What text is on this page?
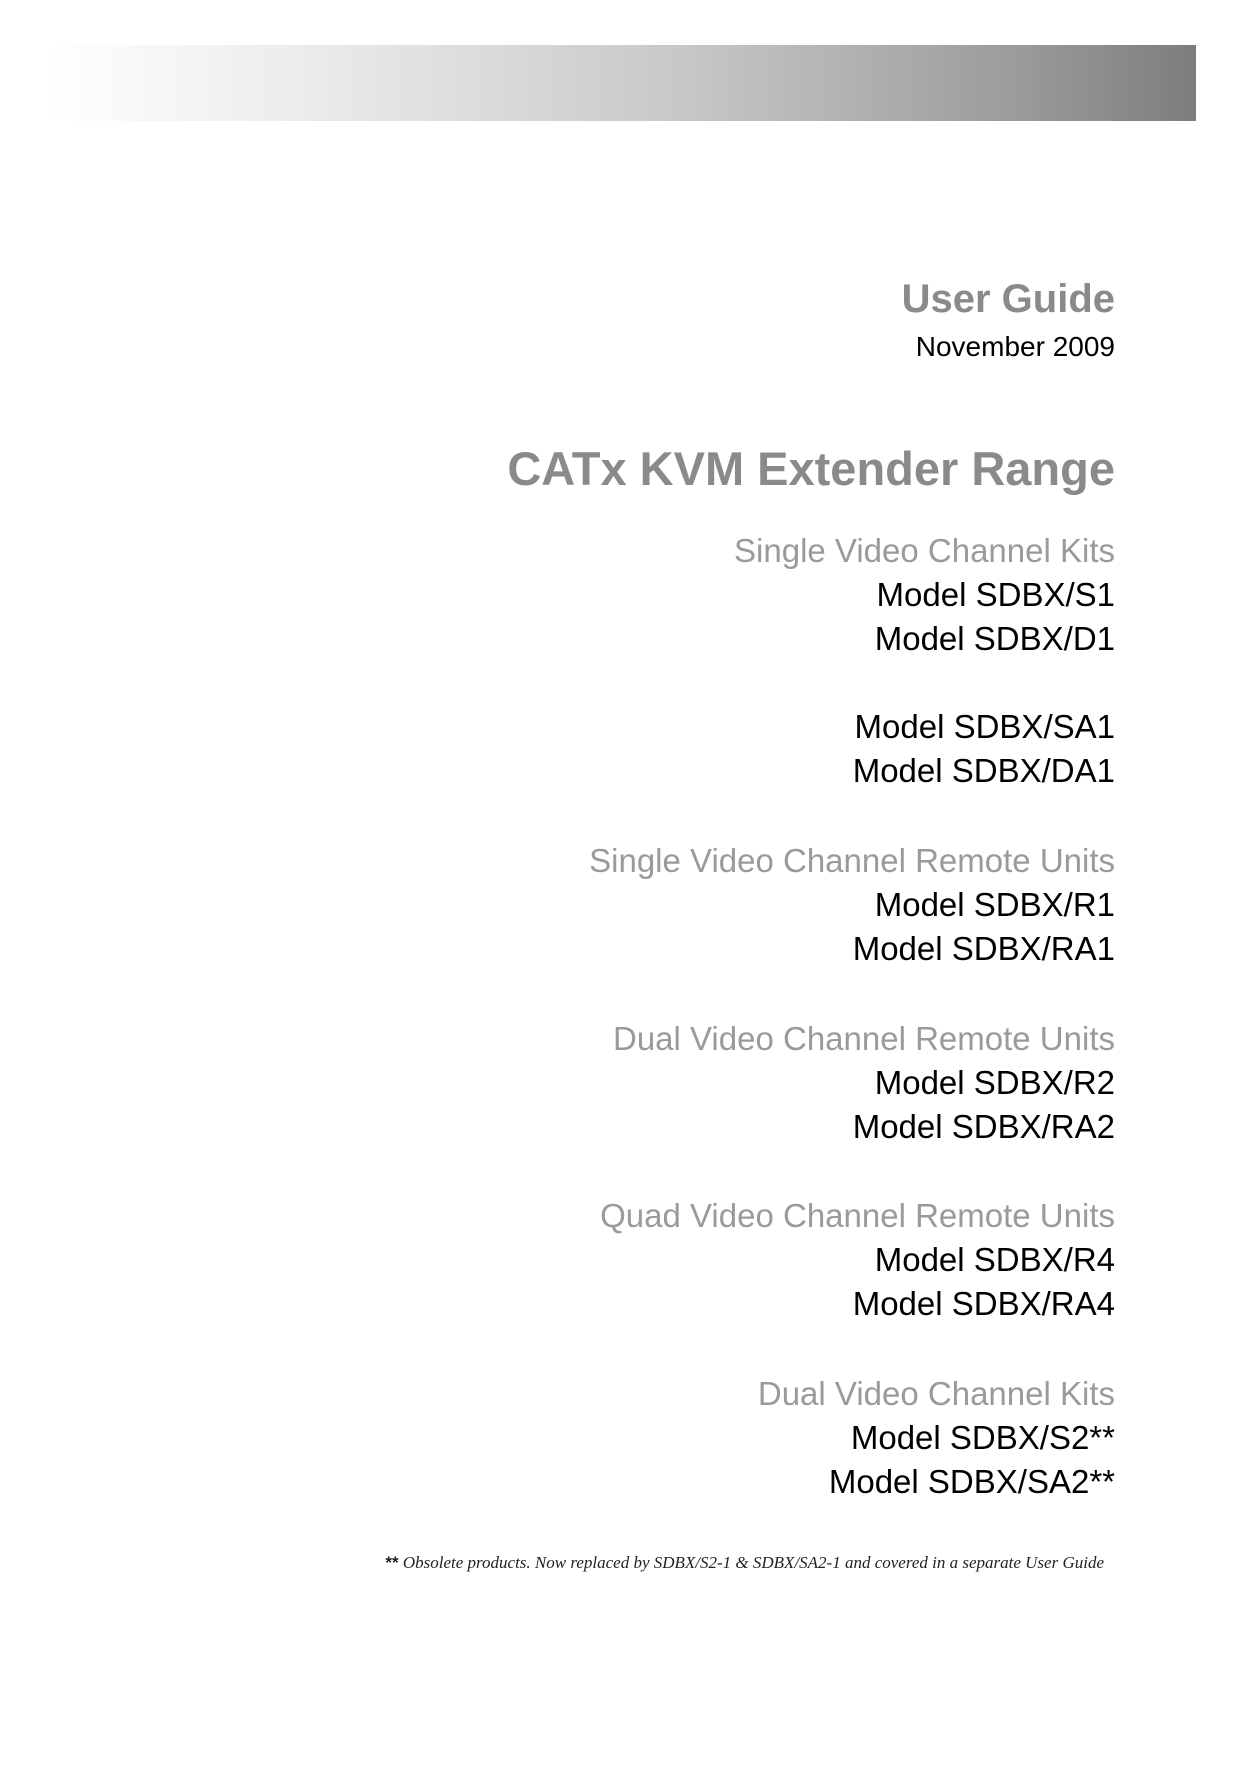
User Guide
November 2009
CATx KVM Extender Range
Single Video Channel Kits
Model SDBX/S1
Model SDBX/D1
Model SDBX/SA1
Model SDBX/DA1
Single Video Channel Remote Units
Model SDBX/R1
Model SDBX/RA1
Dual Video Channel Remote Units
Model SDBX/R2
Model SDBX/RA2
Quad Video Channel Remote Units
Model SDBX/R4
Model SDBX/RA4
Dual Video Channel Kits
Model SDBX/S2**
Model SDBX/SA2**
** Obsolete products. Now replaced by SDBX/S2-1 & SDBX/SA2-1 and covered in a separate User Guide
